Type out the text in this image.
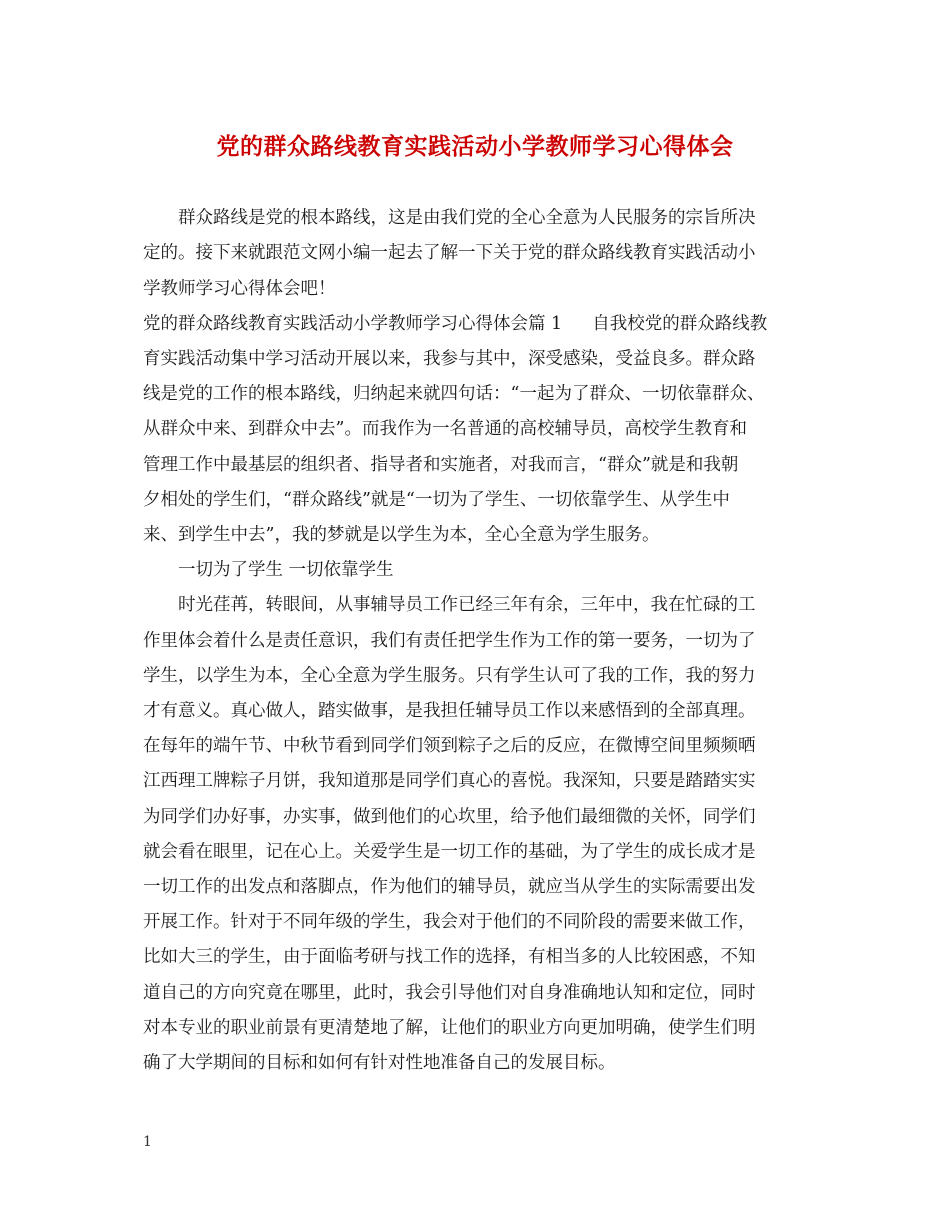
党的群众路线教育实践活动小学教师学习心得体会

群众路线是党的根本路线，这是由我们党的全心全意为人民服务的宗旨所决

定的。接下来就跟范文网小编一起去了解一下关于党的群众路线教育实践活动小

学教师学习心得体会吧！

党的群众路线教育实践活动小学教师学习心得体会篇 1 自我校党的群众路线教

育实践活动集中学习活动开展以来，我参与其中，深受感染，受益良多。群众路

线是党的工作的根本路线，归纳起来就四句话：“一起为了群众、一切依靠群众、

从群众中来、到群众中去”。而我作为一名普通的高校辅导员，高校学生教育和

管理工作中最基层的组织者、指导者和实施者，对我而言，“群众”就是和我朝

夕相处的学生们，“群众路线”就是“一切为了学生、一切依靠学生、从学生中

来、到学生中去”，我的梦就是以学生为本，全心全意为学生服务。

一切为了学生 一切依靠学生

时光荏苒，转眼间，从事辅导员工作已经三年有余，三年中，我在忙碌的工

作里体会着什么是责任意识，我们有责任把学生作为工作的第一要务，一切为了

学生，以学生为本，全心全意为学生服务。只有学生认可了我的工作，我的努力

才有意义。真心做人，踏实做事，是我担任辅导员工作以来感悟到的全部真理。

在每年的端午节、中秋节看到同学们领到粽子之后的反应，在微博空间里频频晒

江西理工牌粽子月饼，我知道那是同学们真心的喜悦。我深知，只要是踏踏实实

为同学们办好事，办实事，做到他们的心坎里，给予他们最细微的关怀，同学们

就会看在眼里，记在心上。关爱学生是一切工作的基础，为了学生的成长成才是

一切工作的出发点和落脚点，作为他们的辅导员，就应当从学生的实际需要出发

开展工作。针对于不同年级的学生，我会对于他们的不同阶段的需要来做工作，

比如大三的学生，由于面临考研与找工作的选择，有相当多的人比较困惑，不知

道自己的方向究竟在哪里，此时，我会引导他们对自身准确地认知和定位，同时

对本专业的职业前景有更清楚地了解，让他们的职业方向更加明确，使学生们明

确了大学期间的目标和如何有针对性地准备自己的发展目标。

1
